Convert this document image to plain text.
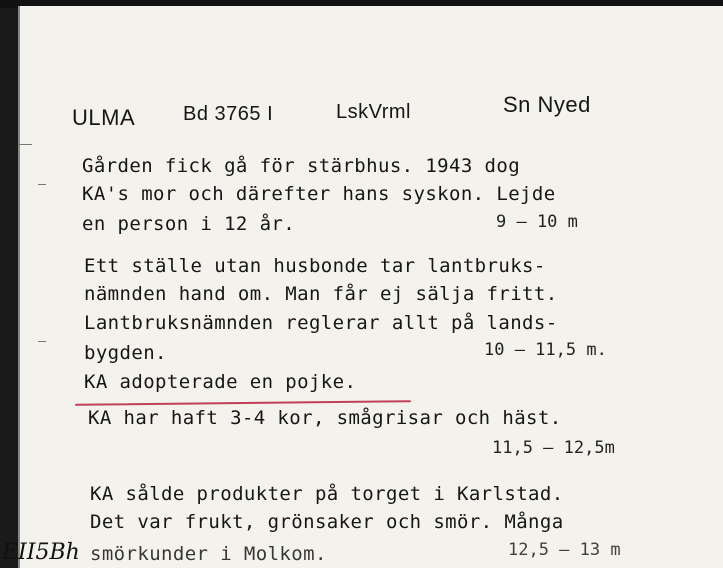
ULMA Bd 3765 I	LskVrml	Sn Nyed
Gården fick gå för stärbhus. 1943 dog
KA's mor och därefter hans syskon. Lejde
en person i 12 år.	9 – 10 m
Ett ställe utan husbonde tar lantbruks-
nämnden hand om. Man får ej sälja fritt.
Lantbruksnämnden reglerar allt på lands-
bygden.	10 – 11,5 m.
KA adopterade en pojke.
KA har haft 3-4 kor, smågrisar och häst.
11,5 – 12,5m
KA sålde produkter på torget i Karlstad.
Det var frukt, grönsaker och smör. Många
smörkunder i Molkom.	12,5 – 13 m
EII5Bh
